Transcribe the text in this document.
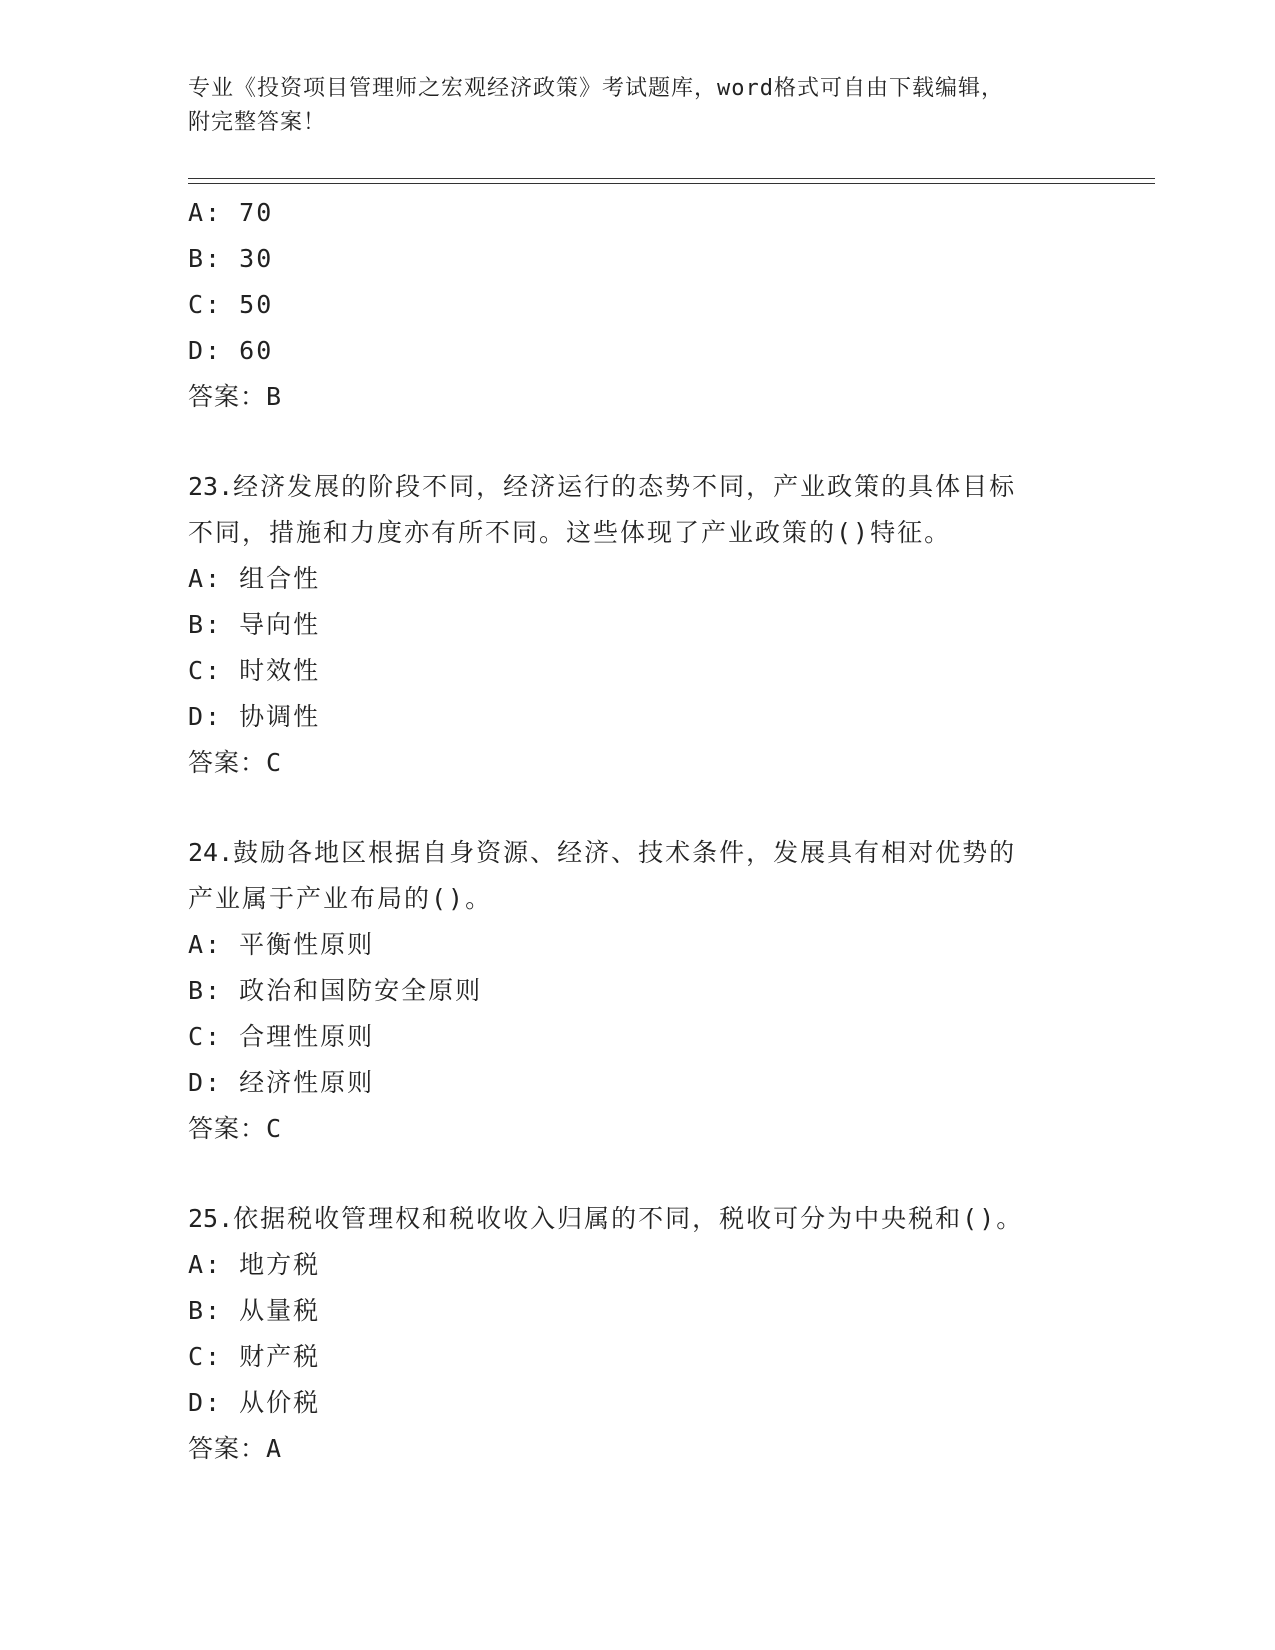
专业《投资项目管理师之宏观经济政策》考试题库，word格式可自由下载编辑，
附完整答案！
A: 70
B: 30
C: 50
D: 60
答案：B
23.经济发展的阶段不同，经济运行的态势不同，产业政策的具体目标
不同，措施和力度亦有所不同。这些体现了产业政策的()特征。
A: 组合性
B: 导向性
C: 时效性
D: 协调性
答案：C
24.鼓励各地区根据自身资源、经济、技术条件，发展具有相对优势的
产业属于产业布局的()。
A: 平衡性原则
B: 政治和国防安全原则
C: 合理性原则
D: 经济性原则
答案：C
25.依据税收管理权和税收收入归属的不同，税收可分为中央税和()。
A: 地方税
B: 从量税
C: 财产税
D: 从价税
答案：A
